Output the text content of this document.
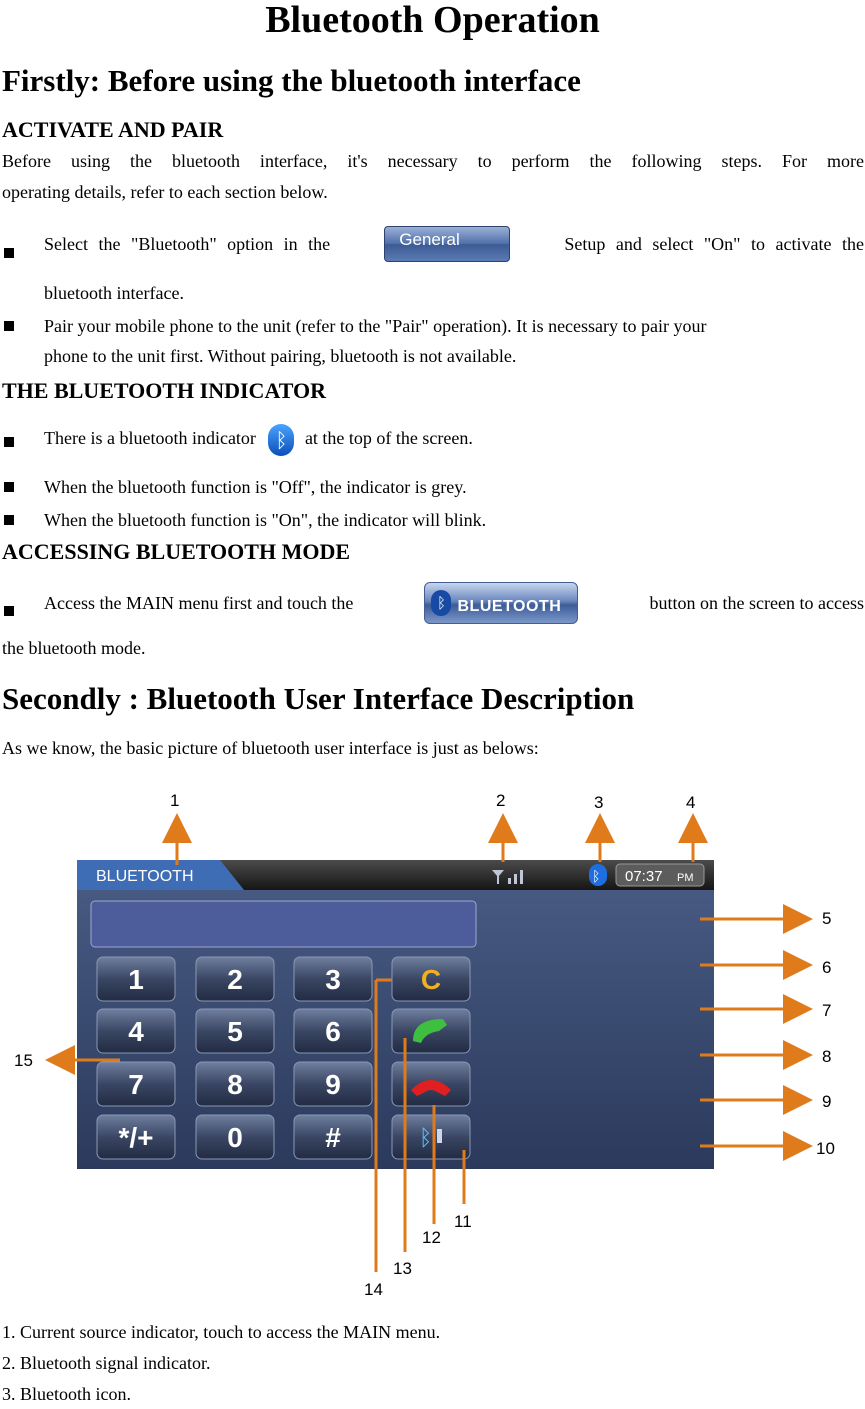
Bluetooth Operation
Firstly: Before using the bluetooth interface
ACTIVATE AND PAIR
Before using the bluetooth interface, it's necessary to perform the following steps. For more
operating details, refer to each section below.
Select the "Bluetooth" option in the	General	Setup and select "On" to activate the
bluetooth interface.
Pair your mobile phone to the unit (refer to the "Pair" operation). It is necessary to pair your
phone to the unit first. Without pairing, bluetooth is not available.
THE BLUETOOTH INDICATOR
There is a bluetooth indicator ᛒ at the top of the screen.
When the bluetooth function is "Off", the indicator is grey.
When the bluetooth function is "On", the indicator will blink.
ACCESSING BLUETOOTH MODE
Access the MAIN menu first and touch the	ᛒ BLUETOOTH	button on the screen to access
the bluetooth mode.
Secondly : Bluetooth User Interface Description
As we know, the basic picture of bluetooth user interface is just as belows:
BLUETOOTH	ᛒ 07:37 PM
1	2	3	C
4	5	6
7	8	9
*/+	0	#	ᛒ
1	2	3	4
5
6
7
8
9
10
11
12
13
14
15
1. Current source indicator, touch to access the MAIN menu.
2. Bluetooth signal indicator.
3. Bluetooth icon.
